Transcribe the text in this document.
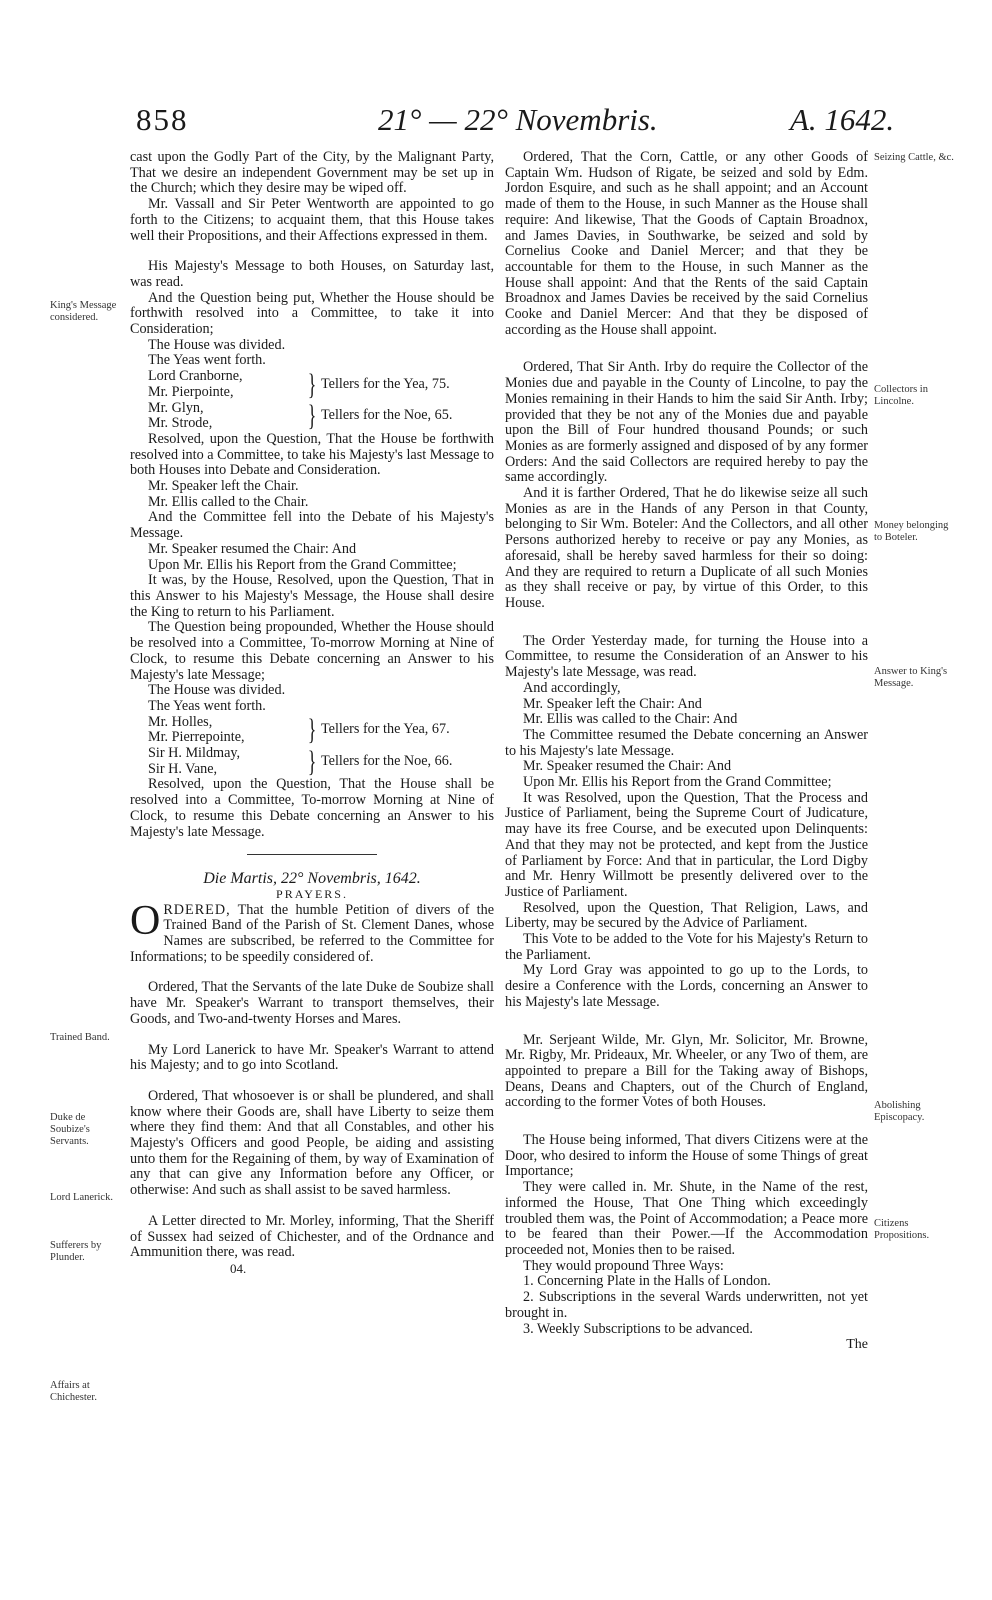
858	21° — 22° Novembris.	A. 1642.

cast upon the Godly Part of the City, by the Malignant Party, That we desire an independent Government may be set up in the Church; which they desire may be wiped off.

Mr. Vassall and Sir Peter Wentworth are appointed to go forth to the Citizens; to acquaint them, that this House takes well their Propositions, and their Affections expressed in them.

His Majesty's Message to both Houses, on Saturday last, was read.

And the Question being put, Whether the House should be forthwith resolved into a Committee, to take it into Consideration;

The House was divided.

The Yeas went forth.

Lord Cranborne,
Mr. Pierpointe,	} Tellers for the Yea, 75.
Mr. Glyn,
Mr. Strode,	} Tellers for the Noe, 65.

Resolved, upon the Question, That the House be forthwith resolved into a Committee, to take his Majesty's last Message to both Houses into Debate and Consideration.

Mr. Speaker left the Chair.

Mr. Ellis called to the Chair.

And the Committee fell into the Debate of his Majesty's Message.

Mr. Speaker resumed the Chair: And

Upon Mr. Ellis his Report from the Grand Committee;

It was, by the House, Resolved, upon the Question, That in this Answer to his Majesty's Message, the House shall desire the King to return to his Parliament.

The Question being propounded, Whether the House should be resolved into a Committee, To-morrow Morning at Nine of Clock, to resume this Debate concerning an Answer to his Majesty's late Message;

The House was divided.

The Yeas went forth.

Mr. Holles,
Mr. Pierrepointe,	} Tellers for the Yea, 67.
Sir H. Mildmay,
Sir H. Vane,	} Tellers for the Noe, 66.

Resolved, upon the Question, That the House shall be resolved into a Committee, To-morrow Morning at Nine of Clock, to resume this Debate concerning an Answer to his Majesty's late Message.

Die Martis, 22° Novembris, 1642.

PRAYERS.

ORDERED, That the humble Petition of divers of the Trained Band of the Parish of St. Clement Danes, whose Names are subscribed, be referred to the Committee for Informations; to be speedily considered of.

Ordered, That the Servants of the late Duke de Soubize shall have Mr. Speaker's Warrant to transport themselves, their Goods, and Two-and-twenty Horses and Mares.

My Lord Lanerick to have Mr. Speaker's Warrant to attend his Majesty; and to go into Scotland.

Ordered, That whosoever is or shall be plundered, and shall know where their Goods are, shall have Liberty to seize them where they find them: And that all Constables, and other his Majesty's Officers and good People, be aiding and assisting unto them for the Regaining of them, by way of Examination of any that can give any Information before any Officer, or otherwise: And such as shall assist to be saved harmless.

A Letter directed to Mr. Morley, informing, That the Sheriff of Sussex had seized of Chichester, and of the Ordnance and Ammunition there, was read.

04.

Ordered, That the Corn, Cattle, or any other Goods of Captain Wm. Hudson of Rigate, be seized and sold by Edm. Jordon Esquire, and such as he shall appoint; and an Account made of them to the House, in such Manner as the House shall require: And likewise, That the Goods of Captain Broadnox, and James Davies, in Southwarke, be seized and sold by Cornelius Cooke and Daniel Mercer; and that they be accountable for them to the House, in such Manner as the House shall appoint: And that the Rents of the said Captain Broadnox and James Davies be received by the said Cornelius Cooke and Daniel Mercer: And that they be disposed of according as the House shall appoint.

Ordered, That Sir Anth. Irby do require the Collector of the Monies due and payable in the County of Lincolne, to pay the Monies remaining in their Hands to him the said Sir Anth. Irby; provided that they be not any of the Monies due and payable upon the Bill of Four hundred thousand Pounds; or such Monies as are formerly assigned and disposed of by any former Orders: And the said Collectors are required hereby to pay the same accordingly.

And it is farther Ordered, That he do likewise seize all such Monies as are in the Hands of any Person in that County, belonging to Sir Wm. Boteler: And the Collectors, and all other Persons authorized hereby to receive or pay any Monies, as aforesaid, shall be hereby saved harmless for their so doing: And they are required to return a Duplicate of all such Monies as they shall receive or pay, by virtue of this Order, to this House.

The Order Yesterday made, for turning the House into a Committee, to resume the Consideration of an Answer to his Majesty's late Message, was read.

And accordingly,

Mr. Speaker left the Chair: And

Mr. Ellis was called to the Chair: And

The Committee resumed the Debate concerning an Answer to his Majesty's late Message.

Mr. Speaker resumed the Chair: And

Upon Mr. Ellis his Report from the Grand Committee;

It was Resolved, upon the Question, That the Process and Justice of Parliament, being the Supreme Court of Judicature, may have its free Course, and be executed upon Delinquents: And that they may not be protected, and kept from the Justice of Parliament by Force: And that in particular, the Lord Digby and Mr. Henry Willmott be presently delivered over to the Justice of Parliament.

Resolved, upon the Question, That Religion, Laws, and Liberty, may be secured by the Advice of Parliament.

This Vote to be added to the Vote for his Majesty's Return to the Parliament.

My Lord Gray was appointed to go up to the Lords, to desire a Conference with the Lords, concerning an Answer to his Majesty's late Message.

Mr. Serjeant Wilde, Mr. Glyn, Mr. Solicitor, Mr. Browne, Mr. Rigby, Mr. Prideaux, Mr. Wheeler, or any Two of them, are appointed to prepare a Bill for the Taking away of Bishops, Deans, Deans and Chapters, out of the Church of England, according to the former Votes of both Houses.

The House being informed, That divers Citizens were at the Door, who desired to inform the House of some Things of great Importance;

They were called in. Mr. Shute, in the Name of the rest, informed the House, That One Thing which exceedingly troubled them was, the Point of Accommodation; a Peace more to be feared than their Power.—If the Accommodation proceeded not, Monies then to be raised.

They would propound Three Ways:

1. Concerning Plate in the Halls of London.

2. Subscriptions in the several Wards underwritten, not yet brought in.

3. Weekly Subscriptions to be advanced.

The

King's Message considered.
Trained Band.
Duke de Soubize's Servants.
Lord Lanerick.
Sufferers by Plunder.
Affairs at Chichester.
Seizing Cattle, &c.
Collectors in Lincolne.
Money belonging to Boteler.
Answer to King's Message.
Abolishing Episcopacy.
Citizens Propositions.
